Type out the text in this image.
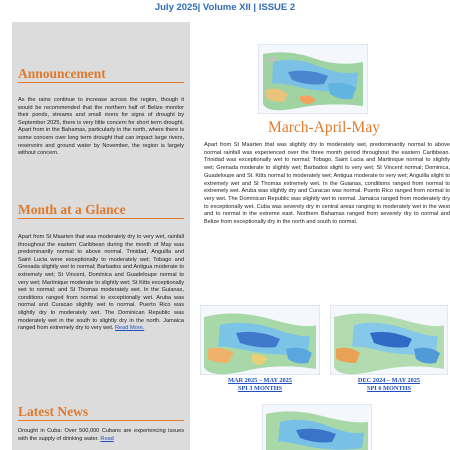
July 2025| Volume XII | ISSUE 2
Announcement
As the rains continue to increase across the region, though it would be recommended that the northern half of Belize monitor their ponds, streams and small rivers for signs of drought by September 2025, there is very little concern for short term drought. Apart from in the Bahamas, particularly in the north, where there is some concern over long term drought that can impact large rivers, reservoirs and ground water by November, the region is largely without concern.
Month at a Glance
Apart from St Maarten that was moderately dry to very wet, rainfall throughout the eastern Caribbean during the month of May was predominantly normal to above normal. Trinidad, Anguilla and Saint Lucia were exceptionally to moderately wet; Tobago and Grenada slightly wet to normal; Barbados and Antigua moderate to extremely wet; St Vincent, Dominica and Guadeloupe normal to very wet; Martinique moderate to slightly wet; St Kitts exceptionally wet to normal; and St Thomas moderately wet. In the Guianas, conditions ranged from normal to exceptionally wet. Aruba was normal and Curacao slightly wet to normal. Puerto Rico was slightly dry to moderately wet. The Dominican Republic was moderately wet in the south to slightly dry in the north. Jamaica ranged from extremely dry to very wet. Read More.
Latest News
Drought in Cuba: Over 500,000 Cubans are experiencing issues with the supply of drinking water. Read
March-April-May
Apart from St Maarten that was slightly dry to moderately wet, predominantly normal to above normal rainfall was experienced over the three month period throughout the eastern Caribbean. Trinidad was exceptionally wet to normal; Tobago, Saint Lucia and Martinique normal to slightly wet; Grenada moderate to slightly wet; Barbados slight to very wet; St Vincent normal; Dominica, Guadeloupe and St. Kitts normal to moderately wet; Antigua moderate to very wet; Anguilla slight to extremely wet and St Thomas extremely wet. In the Guianas, conditions ranged from normal to extremely wet. Aruba was slightly dry and Curacao was normal. Puerto Rico ranged from normal to very wet. The Dominican Republic was slightly wet to normal. Jamaica ranged from moderately dry to exceptionally wet. Cuba was severely dry in central areas ranging to moderately wet in the west and to normal in the extreme east. Northern Bahamas ranged from severely dry to normal and Belize from exceptionally dry in the north and south to normal.
MAR 2025 – MAY 2025
SPI 3 MONTHS
DEC 2024 – MAY 2025
SPI 6 MONTHS
